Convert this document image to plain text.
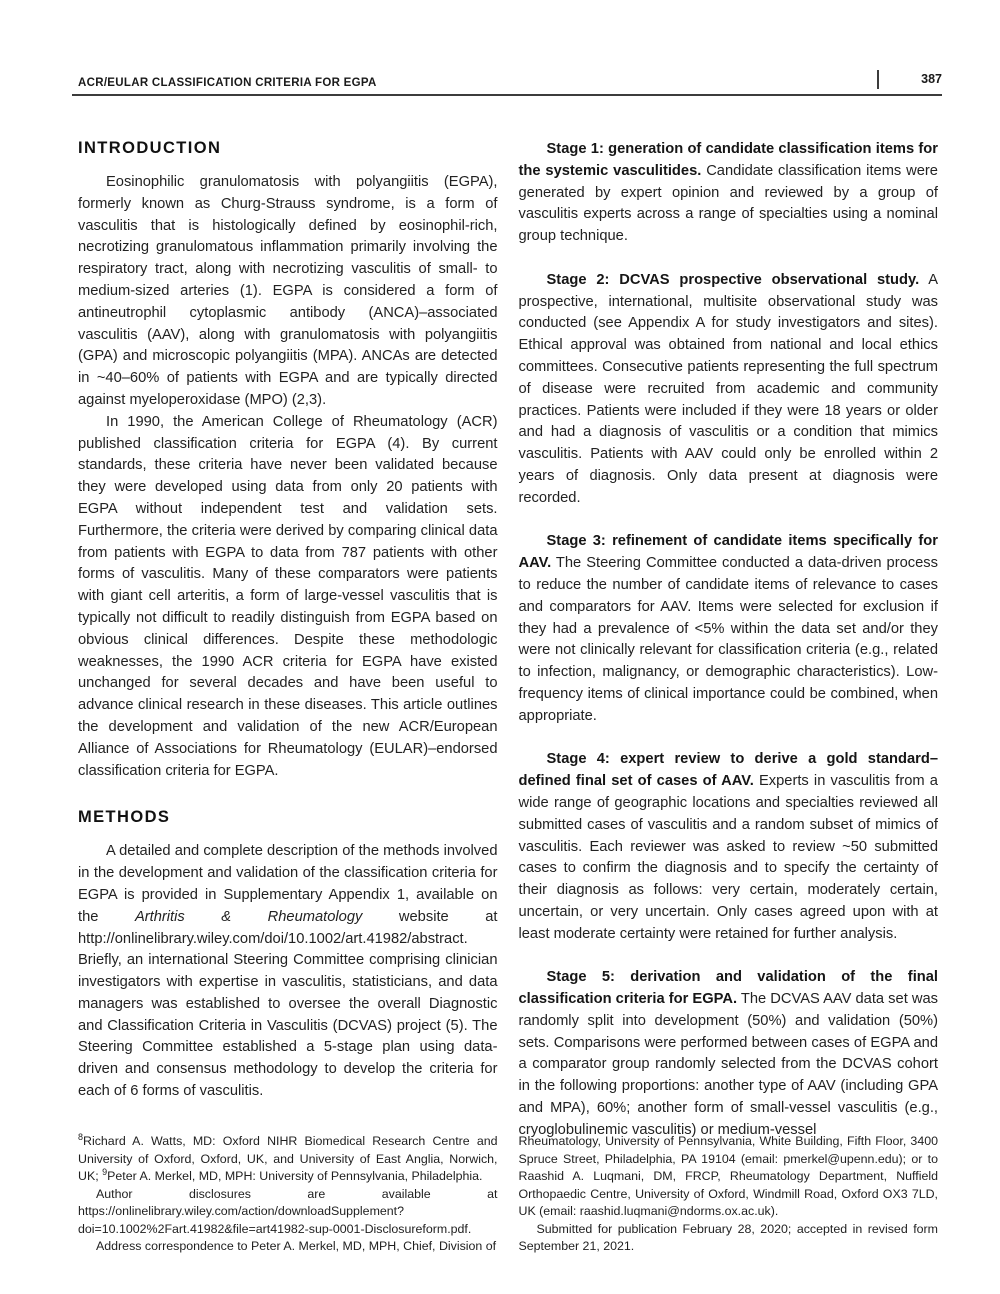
ACR/EULAR CLASSIFICATION CRITERIA FOR EGPA	387
INTRODUCTION

Eosinophilic granulomatosis with polyangiitis (EGPA), formerly known as Churg-Strauss syndrome, is a form of vasculitis that is histologically defined by eosinophil-rich, necrotizing granulomatous inflammation primarily involving the respiratory tract, along with necrotizing vasculitis of small- to medium-sized arteries (1). EGPA is considered a form of antineutrophil cytoplasmic antibody (ANCA)–associated vasculitis (AAV), along with granulomatosis with polyangiitis (GPA) and microscopic polyangiitis (MPA). ANCAs are detected in ~40–60% of patients with EGPA and are typically directed against myeloperoxidase (MPO) (2,3).

In 1990, the American College of Rheumatology (ACR) published classification criteria for EGPA (4). By current standards, these criteria have never been validated because they were developed using data from only 20 patients with EGPA without independent test and validation sets. Furthermore, the criteria were derived by comparing clinical data from patients with EGPA to data from 787 patients with other forms of vasculitis. Many of these comparators were patients with giant cell arteritis, a form of large-vessel vasculitis that is typically not difficult to readily distinguish from EGPA based on obvious clinical differences. Despite these methodologic weaknesses, the 1990 ACR criteria for EGPA have existed unchanged for several decades and have been useful to advance clinical research in these diseases. This article outlines the development and validation of the new ACR/European Alliance of Associations for Rheumatology (EULAR)–endorsed classification criteria for EGPA.

METHODS

A detailed and complete description of the methods involved in the development and validation of the classification criteria for EGPA is provided in Supplementary Appendix 1, available on the Arthritis & Rheumatology website at http://onlinelibrary.wiley.com/doi/10.1002/art.41982/abstract. Briefly, an international Steering Committee comprising clinician investigators with expertise in vasculitis, statisticians, and data managers was established to oversee the overall Diagnostic and Classification Criteria in Vasculitis (DCVAS) project (5). The Steering Committee established a 5-stage plan using data-driven and consensus methodology to develop the criteria for each of 6 forms of vasculitis.

Stage 1: generation of candidate classification items for the systemic vasculitides. Candidate classification items were generated by expert opinion and reviewed by a group of vasculitis experts across a range of specialties using a nominal group technique.

Stage 2: DCVAS prospective observational study. A prospective, international, multisite observational study was conducted (see Appendix A for study investigators and sites). Ethical approval was obtained from national and local ethics committees. Consecutive patients representing the full spectrum of disease were recruited from academic and community practices. Patients were included if they were 18 years or older and had a diagnosis of vasculitis or a condition that mimics vasculitis. Patients with AAV could only be enrolled within 2 years of diagnosis. Only data present at diagnosis were recorded.

Stage 3: refinement of candidate items specifically for AAV. The Steering Committee conducted a data-driven process to reduce the number of candidate items of relevance to cases and comparators for AAV. Items were selected for exclusion if they had a prevalence of <5% within the data set and/or they were not clinically relevant for classification criteria (e.g., related to infection, malignancy, or demographic characteristics). Low-frequency items of clinical importance could be combined, when appropriate.

Stage 4: expert review to derive a gold standard–defined final set of cases of AAV. Experts in vasculitis from a wide range of geographic locations and specialties reviewed all submitted cases of vasculitis and a random subset of mimics of vasculitis. Each reviewer was asked to review ~50 submitted cases to confirm the diagnosis and to specify the certainty of their diagnosis as follows: very certain, moderately certain, uncertain, or very uncertain. Only cases agreed upon with at least moderate certainty were retained for further analysis.

Stage 5: derivation and validation of the final classification criteria for EGPA. The DCVAS AAV data set was randomly split into development (50%) and validation (50%) sets. Comparisons were performed between cases of EGPA and a comparator group randomly selected from the DCVAS cohort in the following proportions: another type of AAV (including GPA and MPA), 60%; another form of small-vessel vasculitis (e.g., cryoglobulinemic vasculitis) or medium-vessel

$^8$Richard A. Watts, MD: Oxford NIHR Biomedical Research Centre and University of Oxford, Oxford, UK, and University of East Anglia, Norwich, UK; $^9$Peter A. Merkel, MD, MPH: University of Pennsylvania, Philadelphia.

Author disclosures are available at https://onlinelibrary.wiley.com/action/downloadSupplement?doi=10.1002%2Fart.41982&file=art41982-sup-0001-Disclosureform.pdf.

Address correspondence to Peter A. Merkel, MD, MPH, Chief, Division of

Rheumatology, University of Pennsylvania, White Building, Fifth Floor, 3400 Spruce Street, Philadelphia, PA 19104 (email: pmerkel@upenn.edu); or to Raashid A. Luqmani, DM, FRCP, Rheumatology Department, Nuffield Orthopaedic Centre, University of Oxford, Windmill Road, Oxford OX3 7LD, UK (email: raashid.luqmani@ndorms.ox.ac.uk).

Submitted for publication February 28, 2020; accepted in revised form September 21, 2021.
